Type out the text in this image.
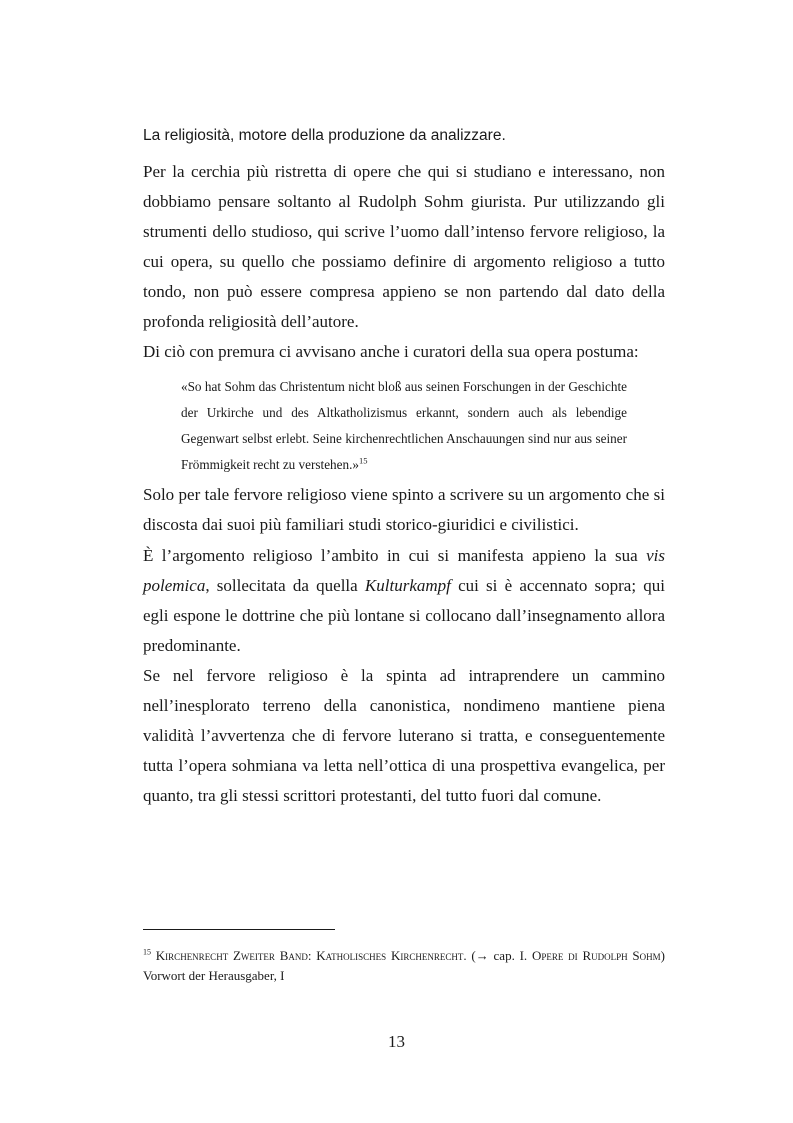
La religiosità, motore della produzione da analizzare.

Per la cerchia più ristretta di opere che qui si studiano e interessano, non dobbiamo pensare soltanto al Rudolph Sohm giurista. Pur utilizzando gli strumenti dello studioso, qui scrive l’uomo dall’intenso fervore religioso, la cui opera, su quello che possiamo definire di argomento religioso a tutto tondo, non può essere compresa appieno se non partendo dal dato della profonda religiosità dell’autore.

Di ciò con premura ci avvisano anche i curatori della sua opera postuma:

«So hat Sohm das Christentum nicht bloß aus seinen Forschungen in der Geschichte der Urkirche und des Altkatholizismus erkannt, sondern auch als lebendige Gegenwart selbst erlebt. Seine kirchenrechtlichen Anschauungen sind nur aus seiner Frömmigkeit recht zu verstehen.»$^{15}$

Solo per tale fervore religioso viene spinto a scrivere su un argomento che si discosta dai suoi più familiari studi storico-giuridici e civilistici.

È l’argomento religioso l’ambito in cui si manifesta appieno la sua vis polemica, sollecitata da quella Kulturkampf cui si è accennato sopra; qui egli espone le dottrine che più lontane si collocano dall’insegnamento allora predominante.

Se nel fervore religioso è la spinta ad intraprendere un cammino nell’inesplorato terreno della canonistica, nondimeno mantiene piena validità l’avvertenza che di fervore luterano si tratta, e conseguentemente tutta l’opera sohmiana va letta nell’ottica di una prospettiva evangelica, per quanto, tra gli stessi scrittori protestanti, del tutto fuori dal comune.

$^{15}$ Kirchenrecht Zweiter Band: Katholisches Kirchenrecht. (→ cap. I. Opere di Rudolph Sohm) Vorwort der Herausgaber, I

13
